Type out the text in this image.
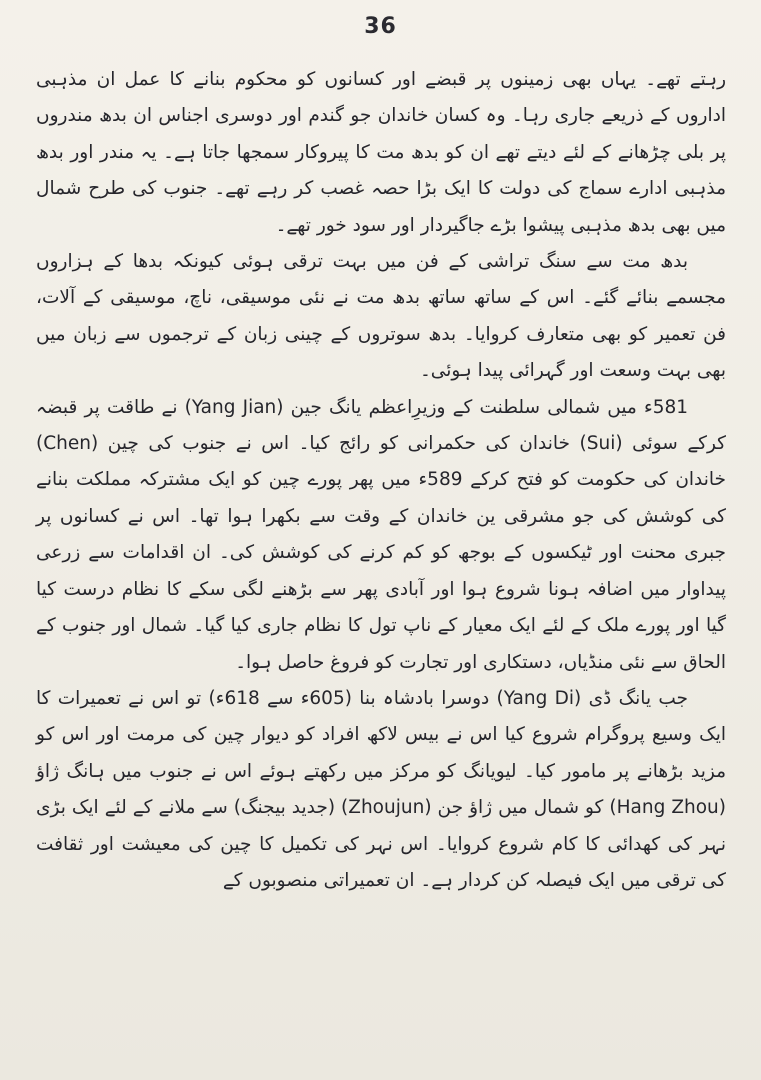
36

رہتے تھے۔ یہاں بھی زمینوں پر قبضے اور کسانوں کو محکوم بنانے کا عمل ان مذہبی اداروں کے ذریعے جاری رہا۔ وہ کسان خاندان جو گندم اور دوسری اجناس ان بدھ مندروں پر بلی چڑھانے کے لئے دیتے تھے ان کو بدھ مت کا پیروکار سمجھا جاتا ہے۔ یہ مندر اور بدھ مذہبی ادارے سماج کی دولت کا ایک بڑا حصہ غصب کر رہے تھے۔ جنوب کی طرح شمال میں بھی بدھ مذہبی پیشوا بڑے جاگیردار اور سود خور تھے۔

بدھ مت سے سنگ تراشی کے فن میں بہت ترقی ہوئی کیونکہ بدھا کے ہزاروں مجسمے بنائے گئے۔ اس کے ساتھ ساتھ بدھ مت نے نئی موسیقی، ناچ، موسیقی کے آلات، فن تعمیر کو بھی متعارف کروایا۔ بدھ سوتروں کے چینی زبان کے ترجموں سے زبان میں بھی بہت وسعت اور گہرائی پیدا ہوئی۔

581ء میں شمالی سلطنت کے وزیرِاعظم یانگ جین (Yang Jian) نے طاقت پر قبضہ کرکے سوئی (Sui) خاندان کی حکمرانی کو رائج کیا۔ اس نے جنوب کی چین (Chen) خاندان کی حکومت کو فتح کرکے 589ء میں پھر پورے چین کو ایک مشترکہ مملکت بنانے کی کوشش کی جو مشرقی ین خاندان کے وقت سے بکھرا ہوا تھا۔ اس نے کسانوں پر جبری محنت اور ٹیکسوں کے بوجھ کو کم کرنے کی کوشش کی۔ ان اقدامات سے زرعی پیداوار میں اضافہ ہونا شروع ہوا اور آبادی پھر سے بڑھنے لگی سکے کا نظام درست کیا گیا اور پورے ملک کے لئے ایک معیار کے ناپ تول کا نظام جاری کیا گیا۔ شمال اور جنوب کے الحاق سے نئی منڈیاں، دستکاری اور تجارت کو فروغ حاصل ہوا۔

جب یانگ ڈی (Yang Di) دوسرا بادشاہ بنا (605ء سے 618ء) تو اس نے تعمیرات کا ایک وسیع پروگرام شروع کیا اس نے بیس لاکھ افراد کو دیوار چین کی مرمت اور اس کو مزید بڑھانے پر مامور کیا۔ لیویانگ کو مرکز میں رکھتے ہوئے اس نے جنوب میں ہانگ ژاؤ (Hang Zhou) کو شمال میں ژاؤ جن (Zhoujun) (جدید بیجنگ) سے ملانے کے لئے ایک بڑی نہر کی کھدائی کا کام شروع کروایا۔ اس نہر کی تکمیل کا چین کی معیشت اور ثقافت کی ترقی میں ایک فیصلہ کن کردار ہے۔ ان تعمیراتی منصوبوں کے
